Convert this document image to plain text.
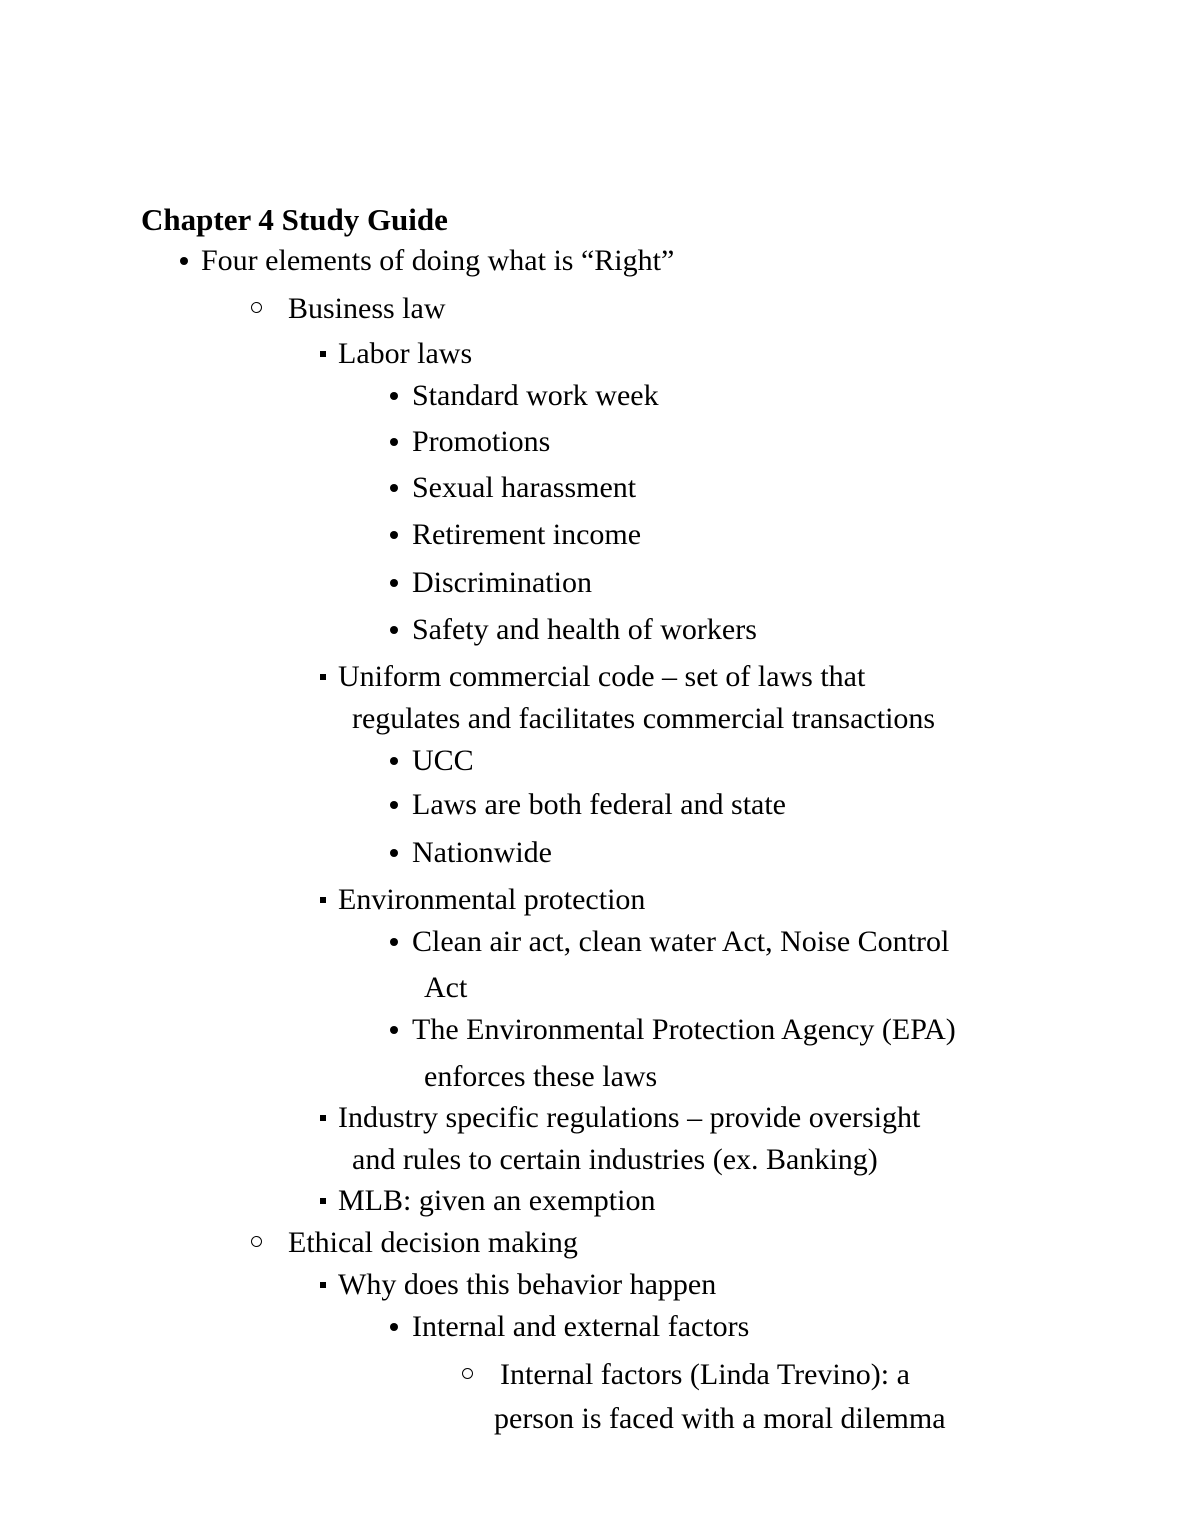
Chapter 4 Study Guide
Four elements of doing what is “Right”
Business law
Labor laws
Standard work week
Promotions
Sexual harassment
Retirement income
Discrimination
Safety and health of workers
Uniform commercial code – set of laws that
regulates and facilitates commercial transactions
UCC
Laws are both federal and state
Nationwide
Environmental protection
Clean air act, clean water Act, Noise Control
Act
The Environmental Protection Agency (EPA)
enforces these laws
Industry specific regulations – provide oversight
and rules to certain industries (ex. Banking)
MLB: given an exemption
Ethical decision making
Why does this behavior happen
Internal and external factors
Internal factors (Linda Trevino): a
person is faced with a moral dilemma
